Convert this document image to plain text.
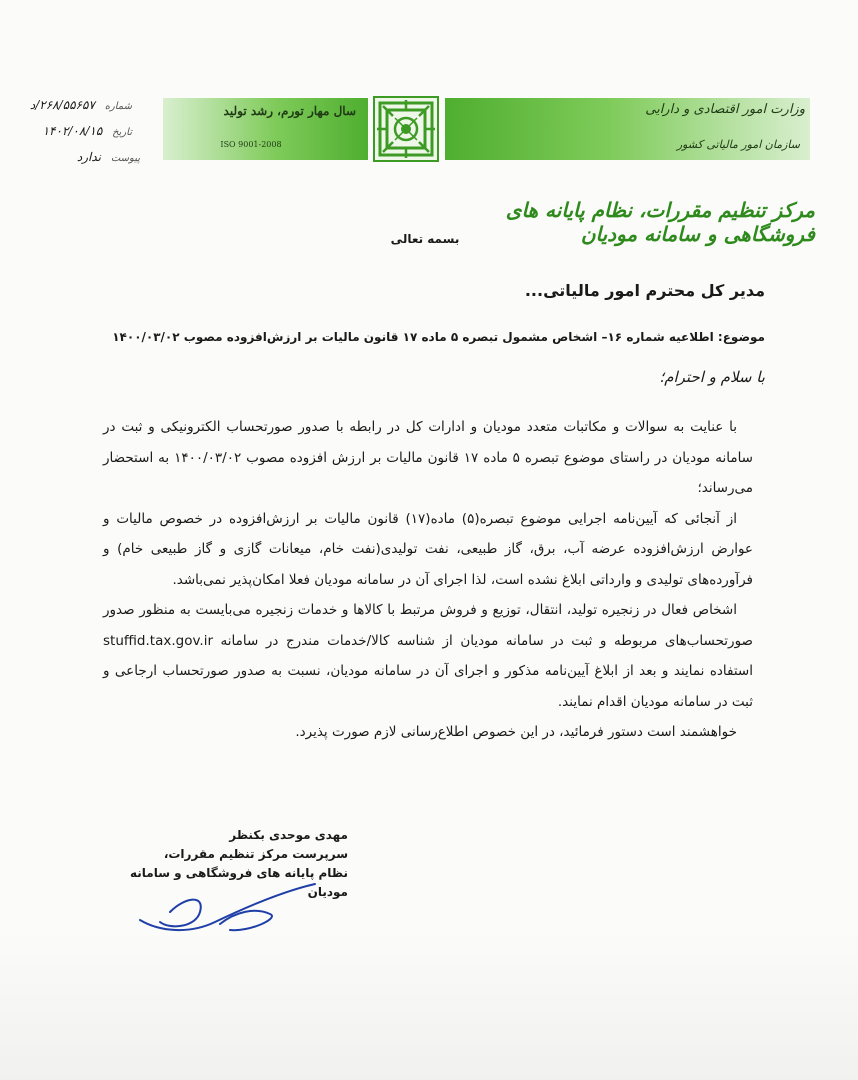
سال مهار تورم، رشد تولید
ISO 9001-2008
وزارت امور اقتصادی و دارایی
سازمان امور مالیاتی کشور
شماره ۲۶۸/۵۵۶۵۷/د
تاریخ ۱۴۰۲/۰۸/۱۵
پیوست ندارد
مرکز تنظیم مقررات، نظام پایانه های فروشگاهی و سامانه مودیان
بسمه تعالی
مدیر کل محترم امور مالیاتی...
موضوع: اطلاعیه شماره ۱۶– اشخاص مشمول تبصره ۵ ماده ۱۷ قانون مالیات بر ارزش‌افزوده مصوب ۱۴۰۰/۰۳/۰۲
با سلام و احترام؛

با عنایت به سوالات و مکاتبات متعدد مودیان و ادارات کل در رابطه با صدور صورتحساب الکترونیکی و ثبت در سامانه مودیان در راستای موضوع تبصره ۵ ماده ۱۷ قانون مالیات بر ارزش افزوده مصوب ۱۴۰۰/۰۳/۰۲ به استحضار می‌رساند؛

از آنجائی که آیین‌نامه اجرایی موضوع تبصره(۵) ماده(۱۷) قانون مالیات بر ارزش‌افزوده در خصوص مالیات و عوارض ارزش‌افزوده عرضه آب، برق، گاز طبیعی، نفت تولیدی(نفت خام، میعانات گازی و گاز طبیعی خام) و فرآورده‌های تولیدی و وارداتی ابلاغ نشده است، لذا اجرای آن در سامانه مودیان فعلا امکان‌پذیر نمی‌باشد.

اشخاص فعال در زنجیره تولید، انتقال، توزیع و فروش مرتبط با کالاها و خدمات زنجیره می‌بایست به منظور صدور صورتحساب‌های مربوطه و ثبت در سامانه مودیان از شناسه کالا/خدمات مندرج در سامانه stuffid.tax.gov.ir استفاده نمایند و بعد از ابلاغ آیین‌نامه مذکور و اجرای آن در سامانه مودیان، نسبت به صدور صورتحساب ارجاعی و ثبت در سامانه مودیان اقدام نمایند.

خواهشمند است دستور فرمائید، در این خصوص اطلاع‌رسانی لازم صورت پذیرد.

مهدی موحدی بکنظر
سرپرست مرکز تنظیم مقررات،
نظام پایانه های فروشگاهی و سامانه مودیان
